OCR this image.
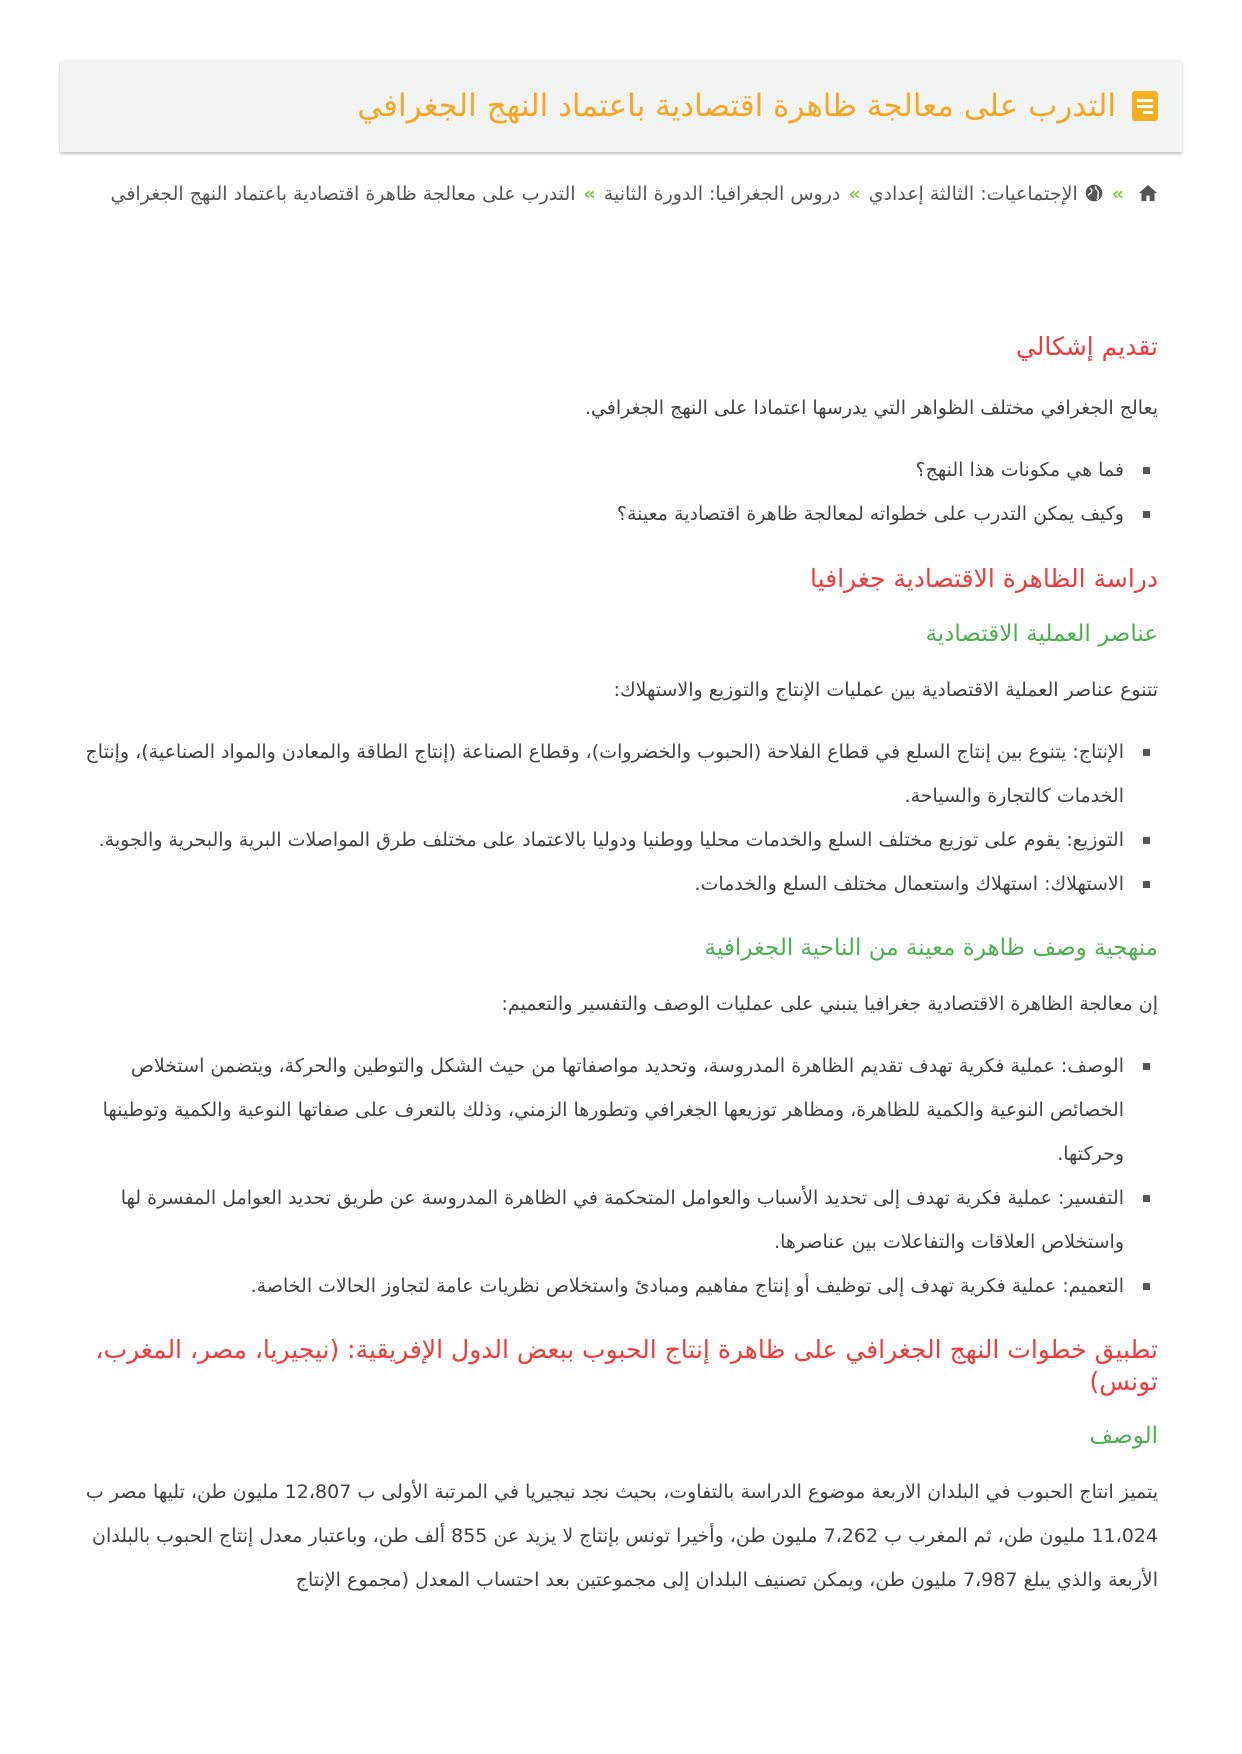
التدرب على معالجة ظاهرة اقتصادية باعتماد النهج الجغرافي
»الإجتماعيات: الثالثة إعدادي»دروس الجغرافيا: الدورة الثانية»التدرب على معالجة ظاهرة اقتصادية باعتماد النهج الجغرافي
تقديم إشكالي

يعالج الجغرافي مختلف الظواهر التي يدرسها اعتمادا على النهج الجغرافي.

فما هي مكونات هذا النهج؟
وكيف يمكن التدرب على خطواته لمعالجة ظاهرة اقتصادية معينة؟
دراسة الظاهرة الاقتصادية جغرافيا
عناصر العملية الاقتصادية

تتنوع عناصر العملية الاقتصادية بين عمليات الإنتاج والتوزيع والاستهلاك:

الإنتاج: يتنوع بين إنتاج السلع في قطاع الفلاحة (الحبوب والخضروات)، وقطاع الصناعة (إنتاج الطاقة والمعادن والمواد الصناعية)، وإنتاج الخدمات كالتجارة والسياحة.
التوزيع: يقوم على توزيع مختلف السلع والخدمات محليا ووطنيا ودوليا بالاعتماد على مختلف طرق المواصلات البرية والبحرية والجوية.
الاستهلاك: استهلاك واستعمال مختلف السلع والخدمات.
منهجية وصف ظاهرة معينة من الناحية الجغرافية

إن معالجة الظاهرة الاقتصادية جغرافيا ينبني على عمليات الوصف والتفسير والتعميم:

الوصف: عملية فكرية تهدف تقديم الظاهرة المدروسة، وتحديد مواصفاتها من حيث الشكل والتوطين والحركة، ويتضمن استخلاص الخصائص النوعية والكمية للظاهرة، ومظاهر توزيعها الجغرافي وتطورها الزمني، وذلك بالتعرف على صفاتها النوعية والكمية وتوطينها وحركتها.
التفسير: عملية فكرية تهدف إلى تحديد الأسباب والعوامل المتحكمة في الظاهرة المدروسة عن طريق تحديد العوامل المفسرة لها واستخلاص العلاقات والتفاعلات بين عناصرها.
التعميم: عملية فكرية تهدف إلى توظيف أو إنتاج مفاهيم ومبادئ واستخلاص نظريات عامة لتجاوز الحالات الخاصة.
تطبيق خطوات النهج الجغرافي على ظاهرة إنتاج الحبوب ببعض الدول الإفريقية: (نيجيريا، مصر، المغرب، تونس)
الوصف

يتميز انتاج الحبوب في البلدان الاربعة موضوع الدراسة بالتفاوت، بحيث نجد نيجيريا في المرتبة الأولى ب 12،807 مليون طن، تليها مصر ب 11،024 مليون طن، ثم المغرب ب 7،262 مليون طن، وأخيرا تونس بإنتاج لا يزيد عن 855 ألف طن، وباعتبار معدل إنتاج الحبوب بالبلدان الأربعة والذي يبلغ 7،987 مليون طن، ويمكن تصنيف البلدان إلى مجموعتين بعد احتساب المعدل (مجموع الإنتاج
